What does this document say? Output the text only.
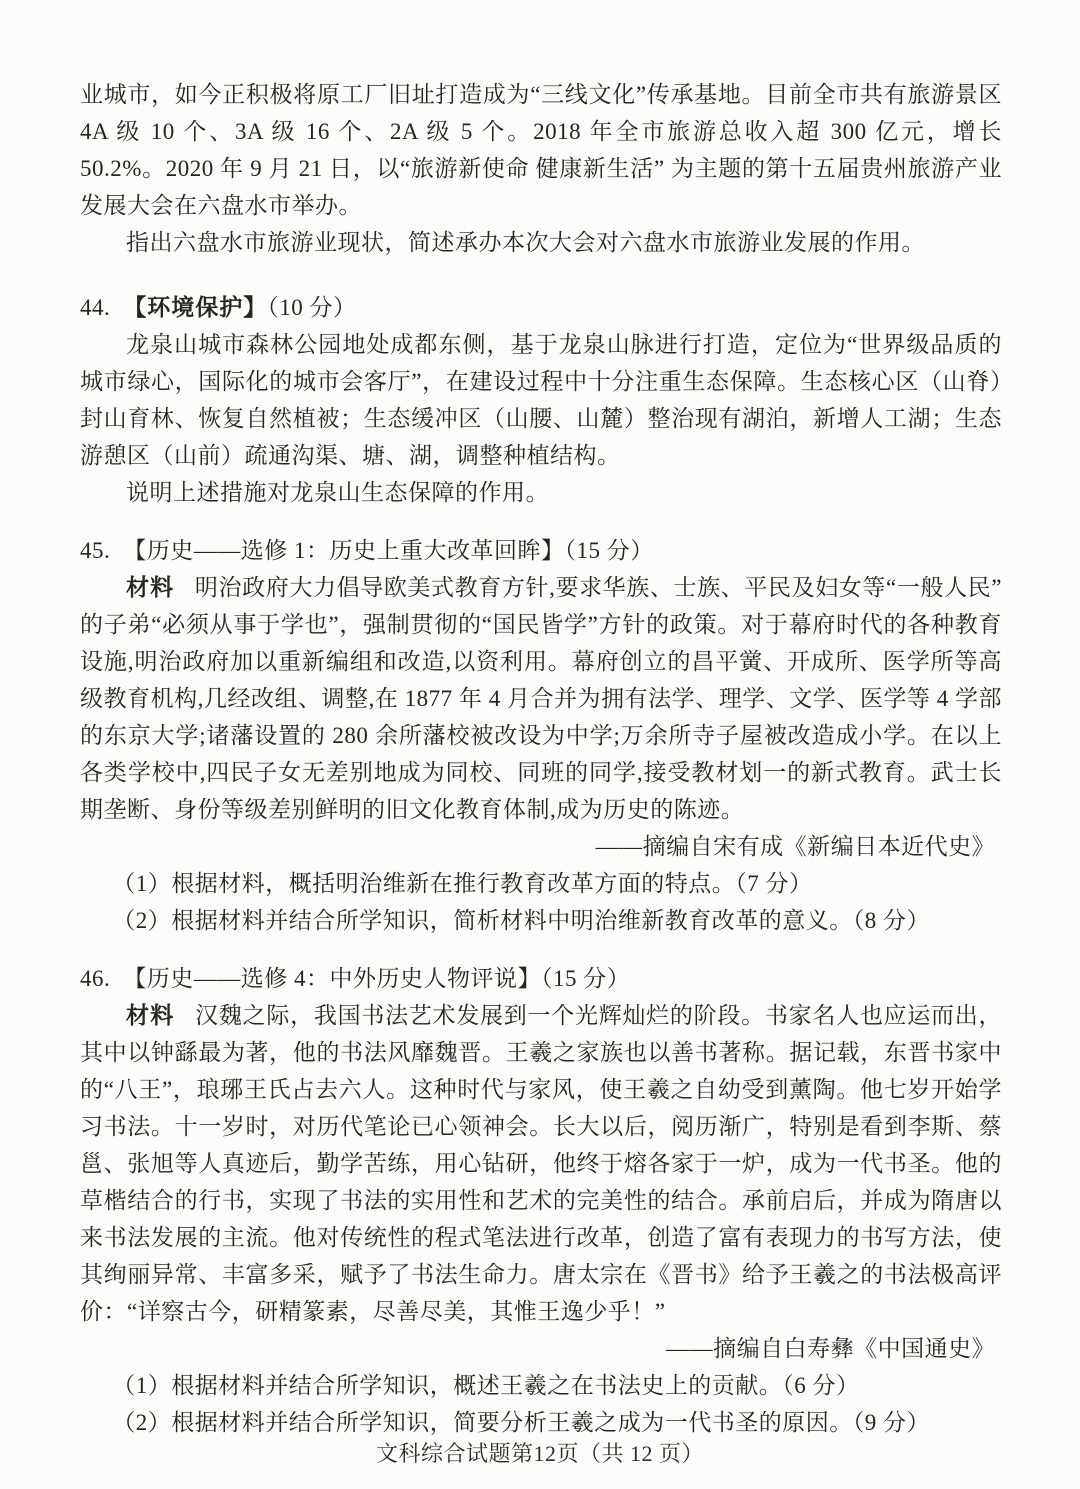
业城市，如今正积极将原工厂旧址打造成为“三线文化”传承基地。目前全市共有旅游景区 4A 级 10 个、3A 级 16 个、2A 级 5 个。2018 年全市旅游总收入超 300 亿元，增长 50.2%。2020 年 9 月 21 日，以“旅游新使命 健康新生活” 为主题的第十五届贵州旅游产业发展大会在六盘水市举办。

指出六盘水市旅游业现状，简述承办本次大会对六盘水市旅游业发展的作用。

44. 【环境保护】（10 分）

龙泉山城市森林公园地处成都东侧，基于龙泉山脉进行打造，定位为“世界级品质的城市绿心，国际化的城市会客厅”，在建设过程中十分注重生态保障。生态核心区（山脊）封山育林、恢复自然植被；生态缓冲区（山腰、山麓）整治现有湖泊，新增人工湖；生态游憩区（山前）疏通沟渠、塘、湖，调整种植结构。

说明上述措施对龙泉山生态保障的作用。

45. 【历史——选修 1：历史上重大改革回眸】（15 分）

材料 明治政府大力倡导欧美式教育方针,要求华族、士族、平民及妇女等“一般人民”的子弟“必须从事于学也”，强制贯彻的“国民皆学”方针的政策。对于幕府时代的各种教育设施,明治政府加以重新编组和改造,以资利用。幕府创立的昌平黉、开成所、医学所等高级教育机构,几经改组、调整,在 1877 年 4 月合并为拥有法学、理学、文学、医学等 4 学部的东京大学;诸藩设置的 280 余所藩校被改设为中学;万余所寺子屋被改造成小学。在以上各类学校中,四民子女无差别地成为同校、同班的同学,接受教材划一的新式教育。武士长期垄断、身份等级差别鲜明的旧文化教育体制,成为历史的陈迹。

——摘编自宋有成《新编日本近代史》

（1）根据材料，概括明治维新在推行教育改革方面的特点。（7 分）

（2）根据材料并结合所学知识，简析材料中明治维新教育改革的意义。（8 分）

46. 【历史——选修 4：中外历史人物评说】（15 分）

材料 汉魏之际，我国书法艺术发展到一个光辉灿烂的阶段。书家名人也应运而出，其中以钟繇最为著，他的书法风靡魏晋。王羲之家族也以善书著称。据记载，东晋书家中的“八王”，琅琊王氏占去六人。这种时代与家风，使王羲之自幼受到薰陶。他七岁开始学习书法。十一岁时，对历代笔论已心领神会。长大以后，阅历渐广，特别是看到李斯、蔡邕、张旭等人真迹后，勤学苦练，用心钻研，他终于熔各家于一炉，成为一代书圣。他的草楷结合的行书，实现了书法的实用性和艺术的完美性的结合。承前启后，并成为隋唐以来书法发展的主流。他对传统性的程式笔法进行改革，创造了富有表现力的书写方法，使其绚丽异常、丰富多采，赋予了书法生命力。唐太宗在《晋书》给予王羲之的书法极高评价：“详察古今，研精篆素，尽善尽美，其惟王逸少乎！”

——摘编自白寿彝《中国通史》

（1）根据材料并结合所学知识，概述王羲之在书法史上的贡献。（6 分）

（2）根据材料并结合所学知识，简要分析王羲之成为一代书圣的原因。（9 分）

文科综合试题第12页（共 12 页）
